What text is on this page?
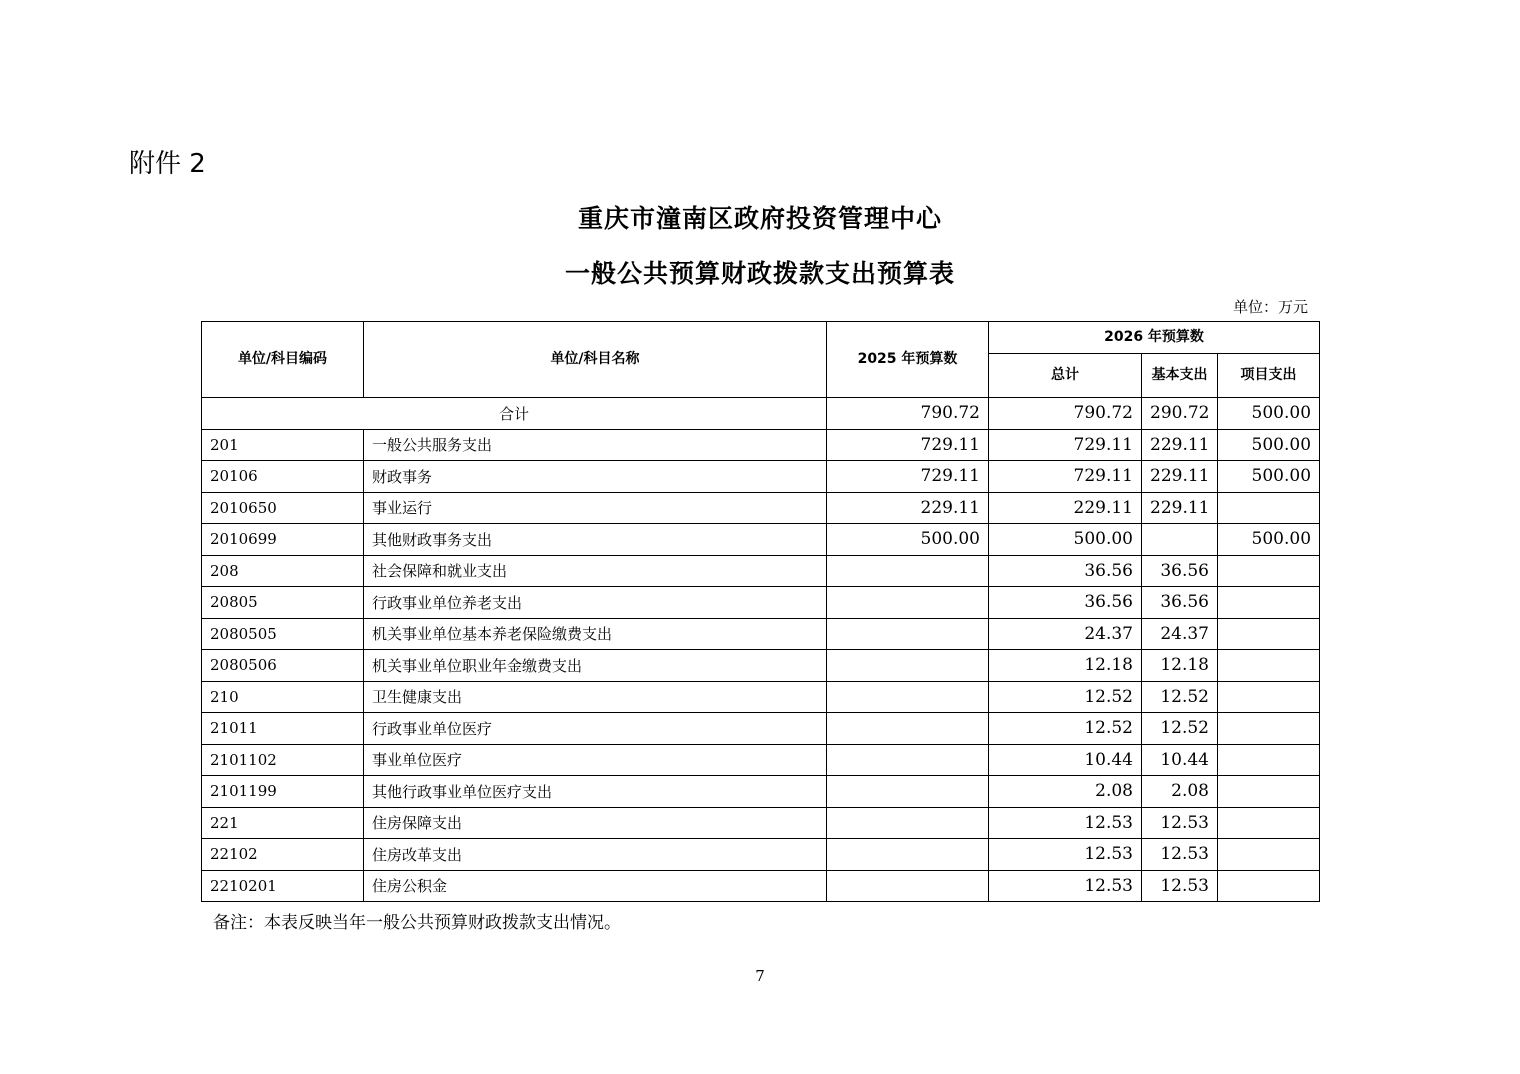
附件 2
重庆市潼南区政府投资管理中心
一般公共预算财政拨款支出预算表
单位：万元
单位/科目编码	单位/科目名称	2025 年预算数	2026 年预算数		
			总计	基本支出	项目支出
合计		790.72	790.72	290.72	500.00
201	一般公共服务支出	729.11	729.11	229.11	500.00
20106	财政事务	729.11	729.11	229.11	500.00
2010650	事业运行	229.11	229.11	229.11	
2010699	其他财政事务支出	500.00	500.00		500.00
208	社会保障和就业支出		36.56	36.56	
20805	行政事业单位养老支出		36.56	36.56	
2080505	机关事业单位基本养老保险缴费支出		24.37	24.37	
2080506	机关事业单位职业年金缴费支出		12.18	12.18	
210	卫生健康支出		12.52	12.52	
21011	行政事业单位医疗		12.52	12.52	
2101102	事业单位医疗		10.44	10.44	
2101199	其他行政事业单位医疗支出		2.08	2.08	
221	住房保障支出		12.53	12.53	
22102	住房改革支出		12.53	12.53	
2210201	住房公积金		12.53	12.53	
备注：本表反映当年一般公共预算财政拨款支出情况。
7
